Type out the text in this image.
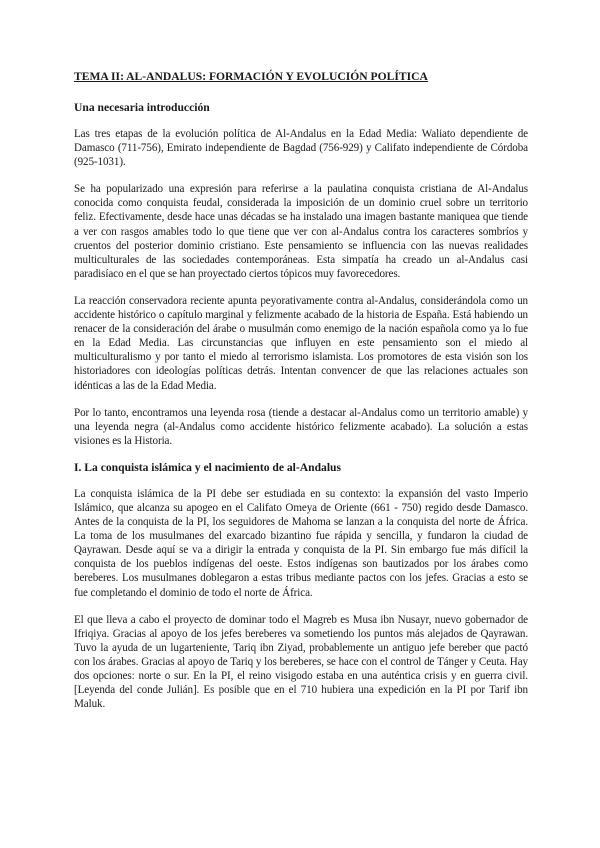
TEMA II: AL-ANDALUS: FORMACIÓN Y EVOLUCIÓN POLÍTICA
Una necesaria introducción

Las tres etapas de la evolución política de Al-Andalus en la Edad Media: Waliato dependiente de Damasco (711-756), Emirato independiente de Bagdad (756-929) y Califato independiente de Córdoba (925-1031).

Se ha popularizado una expresión para referirse a la paulatina conquista cristiana de Al-Andalus conocida como conquista feudal, considerada la imposición de un dominio cruel sobre un territorio feliz. Efectivamente, desde hace unas décadas se ha instalado una imagen bastante maniquea que tiende a ver con rasgos amables todo lo que tiene que ver con al-Andalus contra los caracteres sombríos y cruentos del posterior dominio cristiano. Este pensamiento se influencia con las nuevas realidades multiculturales de las sociedades contemporáneas. Esta simpatía ha creado un al-Andalus casi paradisíaco en el que se han proyectado ciertos tópicos muy favorecedores.

La reacción conservadora reciente apunta peyorativamente contra al-Andalus, considerándola como un accidente histórico o capítulo marginal y felizmente acabado de la historia de España. Está habiendo un renacer de la consideración del árabe o musulmán como enemigo de la nación española como ya lo fue en la Edad Media. Las circunstancias que influyen en este pensamiento son el miedo al multiculturalismo y por tanto el miedo al terrorismo islamista. Los promotores de esta visión son los historiadores con ideologías políticas detrás. Intentan convencer de que las relaciones actuales son idénticas a las de la Edad Media.

Por lo tanto, encontramos una leyenda rosa (tiende a destacar al-Andalus como un territorio amable) y una leyenda negra (al-Andalus como accidente histórico felizmente acabado). La solución a estas visiones es la Historia.

I. La conquista islámica y el nacimiento de al-Andalus

La conquista islámica de la PI debe ser estudiada en su contexto: la expansión del vasto Imperio Islámico, que alcanza su apogeo en el Califato Omeya de Oriente (661 - 750) regido desde Damasco. Antes de la conquista de la PI, los seguidores de Mahoma se lanzan a la conquista del norte de África. La toma de los musulmanes del exarcado bizantino fue rápida y sencilla, y fundaron la ciudad de Qayrawan. Desde aquí se va a dirigir la entrada y conquista de la PI. Sin embargo fue más difícil la conquista de los pueblos indígenas del oeste. Estos indígenas son bautizados por los árabes como bereberes. Los musulmanes doblegaron a estas tribus mediante pactos con los jefes. Gracias a esto se fue completando el dominio de todo el norte de África.

El que lleva a cabo el proyecto de dominar todo el Magreb es Musa ibn Nusayr, nuevo gobernador de Ifriqiya. Gracias al apoyo de los jefes bereberes va sometiendo los puntos más alejados de Qayrawan. Tuvo la ayuda de un lugarteniente, Tariq ibn Ziyad, probablemente un antiguo jefe bereber que pactó con los árabes. Gracias al apoyo de Tariq y los bereberes, se hace con el control de Tánger y Ceuta. Hay dos opciones: norte o sur. En la PI, el reino visigodo estaba en una auténtica crisis y en guerra civil. [Leyenda del conde Julián]. Es posible que en el 710 hubiera una expedición en la PI por Tarif ibn Maluk.
